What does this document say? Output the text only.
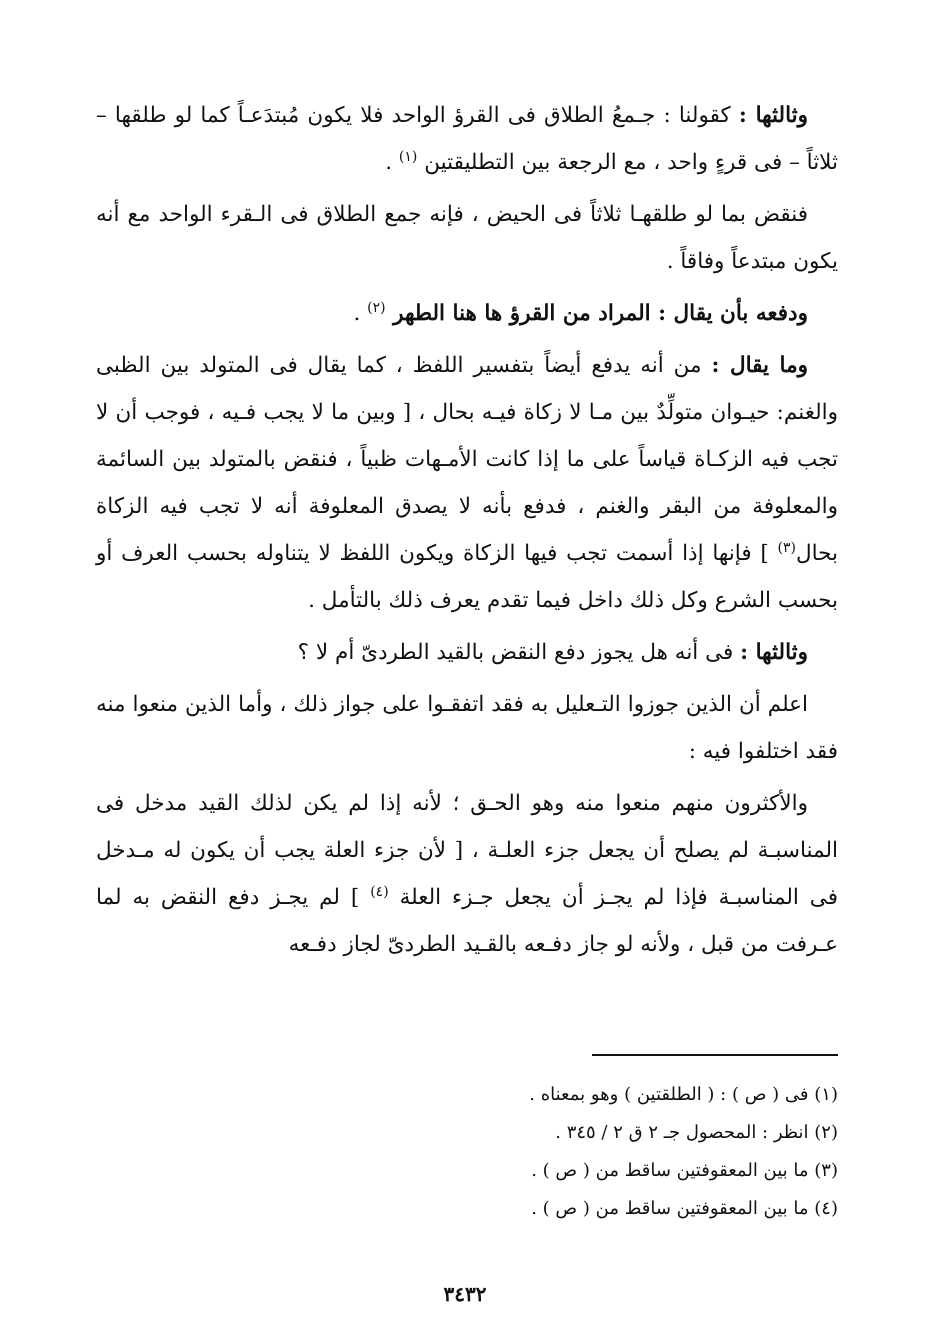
وثالثها : كقولنا : جـمعُ الطلاق فى القرؤ الواحد فلا يكون مُبتدَعـاً كما لو طلقها – ثلاثاً – فى قرءٍ واحد ، مع الرجعة بين التطليقتين $^{(١)}$ .

فنقض بما لو طلقهـا ثلاثاً فى الحيض ، فإنه جمع الطلاق فى الـقرء الواحد مع أنه يكون مبتدعاً وفاقاً .

ودفعه بأن يقال : المراد من القرؤ ها هنا الطهر $^{(٢)}$ .

وما يقال : من أنه يدفع أيضاً بتفسير اللفظ ، كما يقال فى المتولد بين الظبى والغنم: حيـوان متولِّدٌ بين مـا لا زكاة فيـه بحال ، [ وبين ما لا يجب فـيه ، فوجب أن لا تجب فيه الزكـاة قياساً على ما إذا كانت الأمـهات ظبياً ، فنقض بالمتولد بين السائمة والمعلوفة من البقر والغنم ، فدفع بأنه لا يصدق المعلوفة أنه لا تجب فيه الزكاة بحال$^{(٣)}$ ] فإنها إذا أسمت تجب فيها الزكاة ويكون اللفظ لا يتناوله بحسب العرف أو بحسب الشرع وكل ذلك داخل فيما تقدم يعرف ذلك بالتأمل .

وثالثها : فى أنه هل يجوز دفع النقض بالقيد الطردىّ أم لا ؟

اعلم أن الذين جوزوا التـعليل به فقد اتفقـوا على جواز ذلك ، وأما الذين منعوا منه فقد اختلفوا فيه :

والأكثرون منهم منعوا منه وهو الحـق ؛ لأنه إذا لم يكن لذلك القيد مدخل فى المناسبـة لم يصلح أن يجعل جزء العلـة ، [ لأن جزء العلة يجب أن يكون له مـدخل فى المناسبـة فإذا لم يجـز أن يجعل جـزء العلة $^{(٤)}$ ] لم يجـز دفع النقض به لما عـرفت من قبل ، ولأنه لو جاز دفـعه بالقـيد الطردىّ لجاز دفـعه

(١) فى ( ص ) : ( الطلقتين ) وهو بمعناه .
(٢) انظر : المحصول جـ ٢ ق ٢ / ٣٤٥ .
(٣) ما بين المعقوفتين ساقط من ( ص ) .
(٤) ما بين المعقوفتين ساقط من ( ص ) .
٣٤٣٢
